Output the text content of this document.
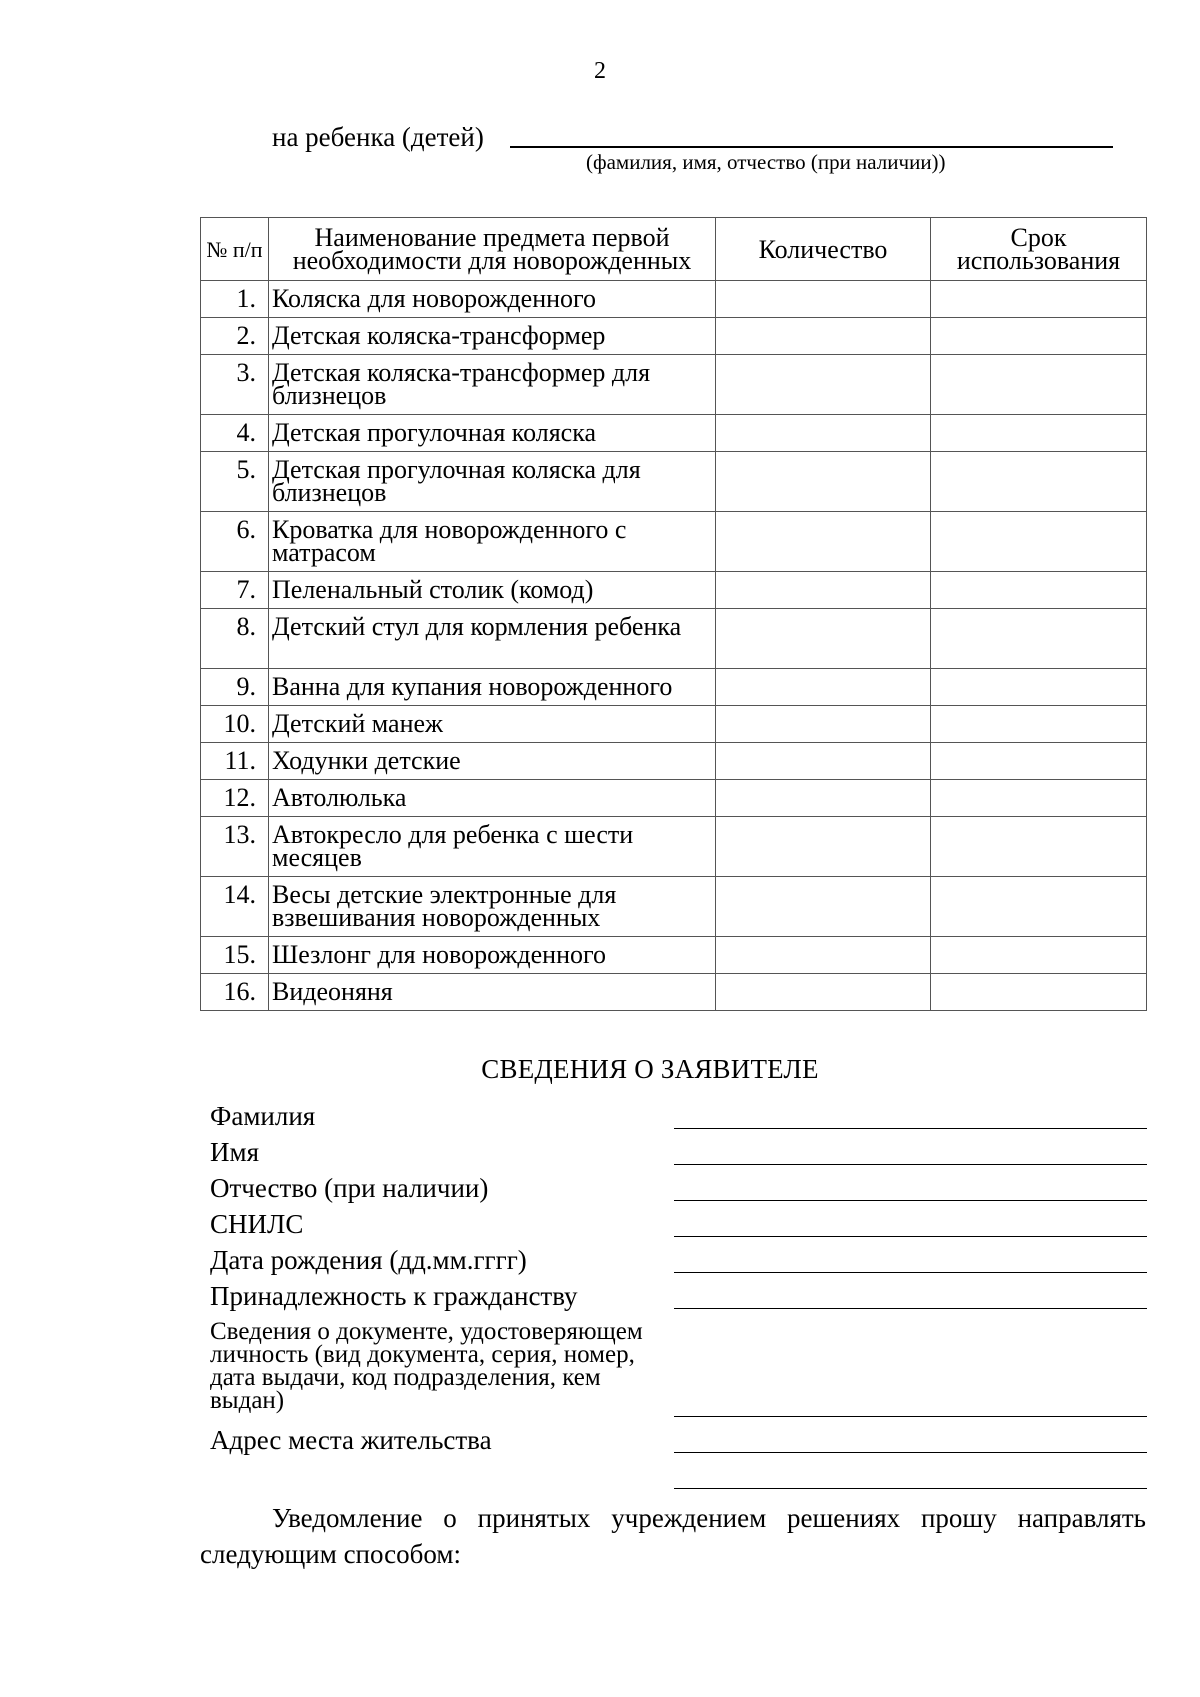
2
на ребенка (детей)
(фамилия, имя, отчество (при наличии))
№ п/п	Наименование предмета первой необходимости для новорожденных	Количество	Срок использования
1.	Коляска для новорожденного		
2.	Детская коляска-трансформер		
3.	Детская коляска-трансформер для близнецов		
4.	Детская прогулочная коляска		
5.	Детская прогулочная коляска для близнецов		
6.	Кроватка для новорожденного с матрасом		
7.	Пеленальный столик (комод)		
8.	Детский стул для кормления ребенка		
9.	Ванна для купания новорожденного		
10.	Детский манеж		
11.	Ходунки детские		
12.	Автолюлька		
13.	Автокресло для ребенка с шести месяцев		
14.	Весы детские электронные для взвешивания новорожденных		
15.	Шезлонг для новорожденного		
16.	Видеоняня		
СВЕДЕНИЯ О ЗАЯВИТЕЛЕ
Фамилия
Имя
Отчество (при наличии)
СНИЛС
Дата рождения (дд.мм.гггг)
Принадлежность к гражданству
Сведения о документе, удостоверяющем личность (вид документа, серия, номер, дата выдачи, код подразделения, кем выдан)
Адрес места жительства
Уведомление о принятых учреждением решениях прошу направлять следующим способом:
